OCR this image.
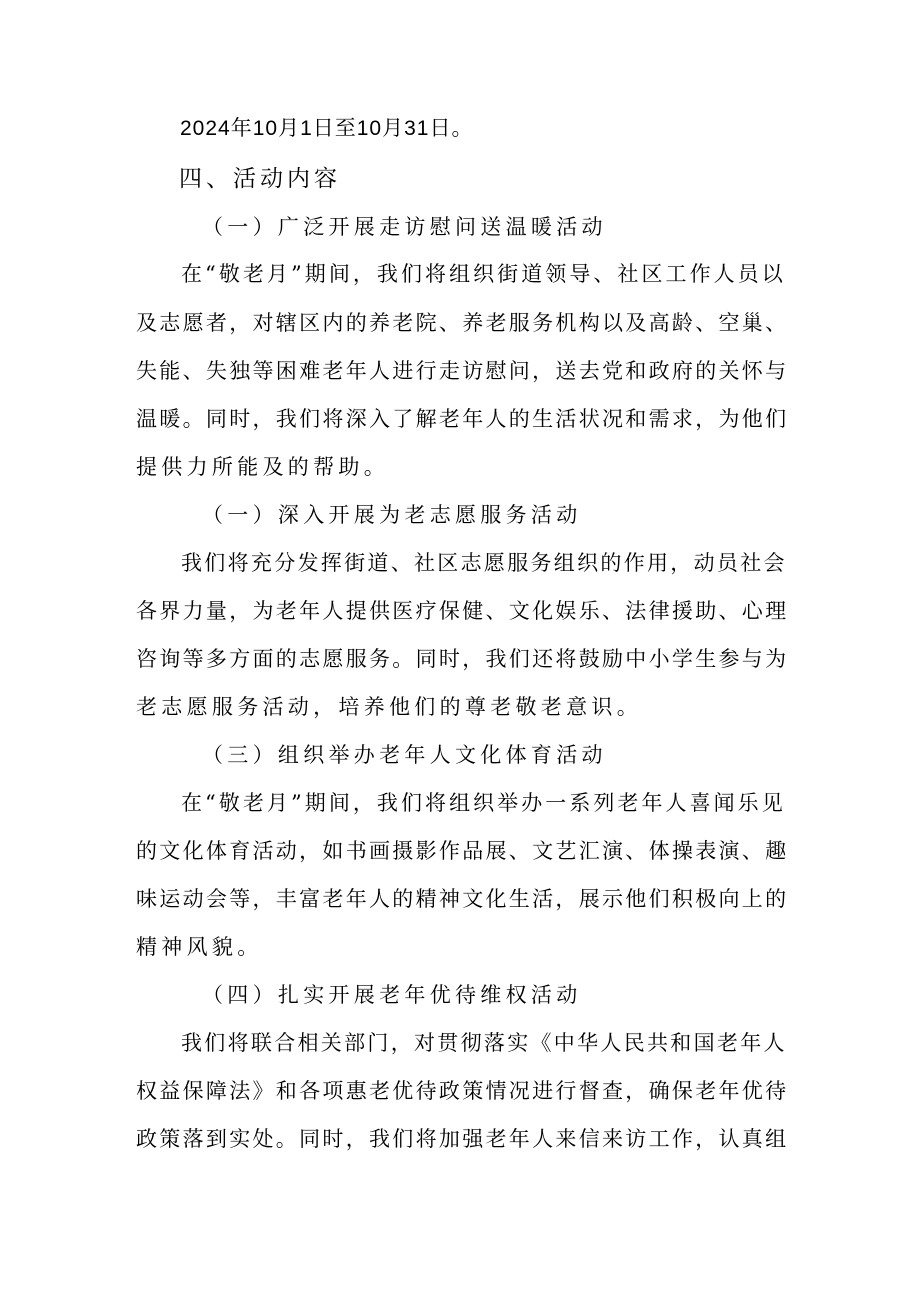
2024年10月1日至10月31日。
四、活动内容
（一）广泛开展走访慰问送温暖活动
在“敬老月”期间，我们将组织街道领导、社区工作人员以
及志愿者，对辖区内的养老院、养老服务机构以及高龄、空巢、
失能、失独等困难老年人进行走访慰问，送去党和政府的关怀与
温暖。同时，我们将深入了解老年人的生活状况和需求，为他们
提供力所能及的帮助。
（一）深入开展为老志愿服务活动
我们将充分发挥街道、社区志愿服务组织的作用，动员社会
各界力量，为老年人提供医疗保健、文化娱乐、法律援助、心理
咨询等多方面的志愿服务。同时，我们还将鼓励中小学生参与为
老志愿服务活动，培养他们的尊老敬老意识。
（三）组织举办老年人文化体育活动
在“敬老月”期间，我们将组织举办一系列老年人喜闻乐见
的文化体育活动，如书画摄影作品展、文艺汇演、体操表演、趣
味运动会等，丰富老年人的精神文化生活，展示他们积极向上的
精神风貌。
（四）扎实开展老年优待维权活动
我们将联合相关部门，对贯彻落实《中华人民共和国老年人
权益保障法》和各项惠老优待政策情况进行督查，确保老年优待
政策落到实处。同时，我们将加强老年人来信来访工作，认真组
